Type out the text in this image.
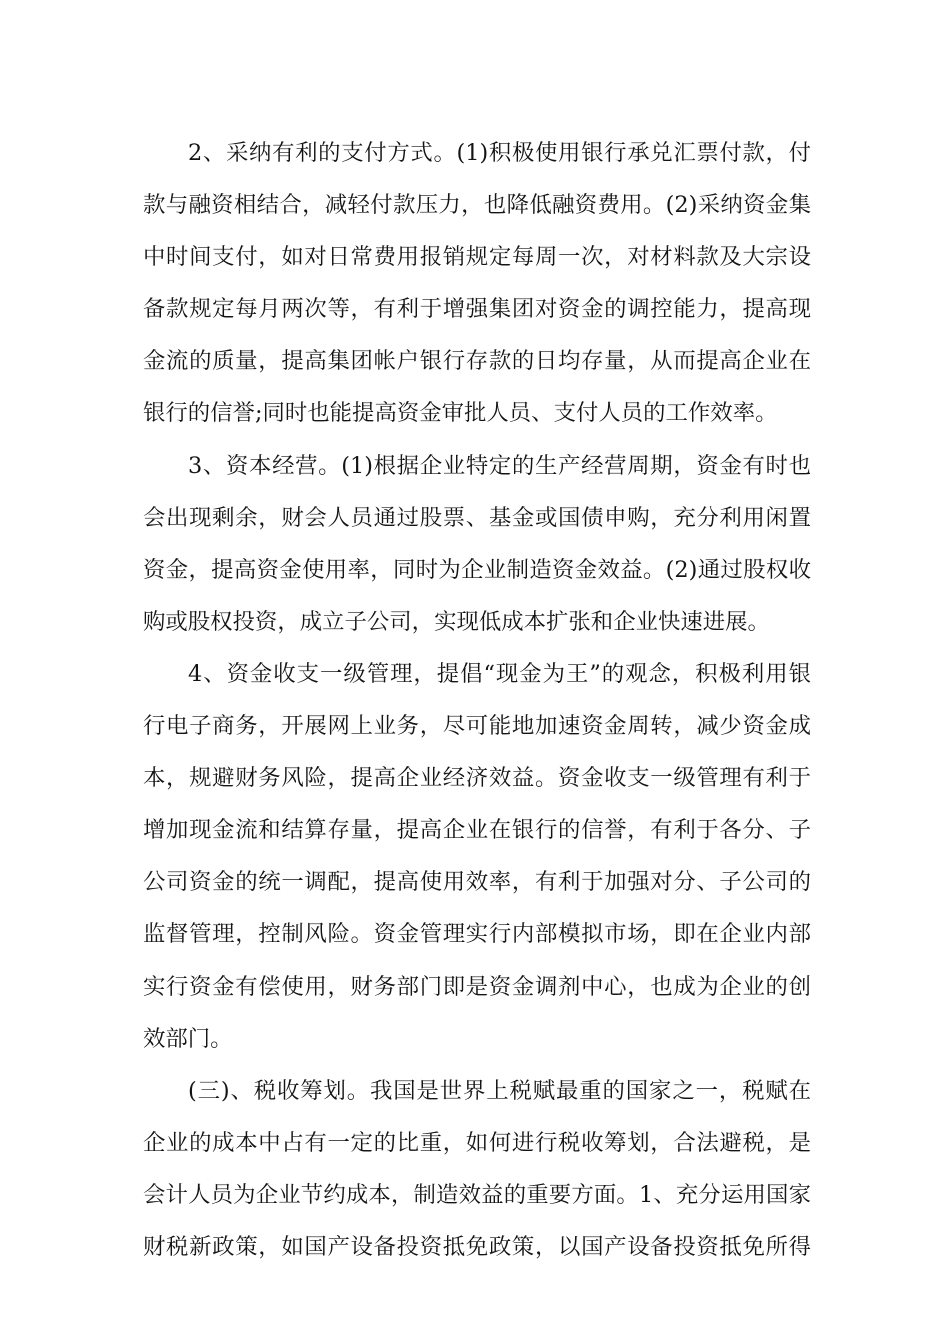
2、采纳有利的支付方式。(1)积极使用银行承兑汇票付款，付
款与融资相结合，减轻付款压力，也降低融资费用。(2)采纳资金集
中时间支付，如对日常费用报销规定每周一次，对材料款及大宗设
备款规定每月两次等，有利于增强集团对资金的调控能力，提高现
金流的质量，提高集团帐户银行存款的日均存量，从而提高企业在
银行的信誉;同时也能提高资金审批人员、支付人员的工作效率。
3、资本经营。(1)根据企业特定的生产经营周期，资金有时也
会出现剩余，财会人员通过股票、基金或国债申购，充分利用闲置
资金，提高资金使用率，同时为企业制造资金效益。(2)通过股权收
购或股权投资，成立子公司，实现低成本扩张和企业快速进展。
4、资金收支一级管理，提倡“现金为王”的观念，积极利用银
行电子商务，开展网上业务，尽可能地加速资金周转，减少资金成
本，规避财务风险，提高企业经济效益。资金收支一级管理有利于
增加现金流和结算存量，提高企业在银行的信誉，有利于各分、子
公司资金的统一调配，提高使用效率，有利于加强对分、子公司的
监督管理，控制风险。资金管理实行内部模拟市场，即在企业内部
实行资金有偿使用，财务部门即是资金调剂中心，也成为企业的创
效部门。
(三)、税收筹划。我国是世界上税赋最重的国家之一，税赋在
企业的成本中占有一定的比重，如何进行税收筹划，合法避税，是
会计人员为企业节约成本，制造效益的重要方面。1、充分运用国家
财税新政策，如国产设备投资抵免政策，以国产设备投资抵免所得
